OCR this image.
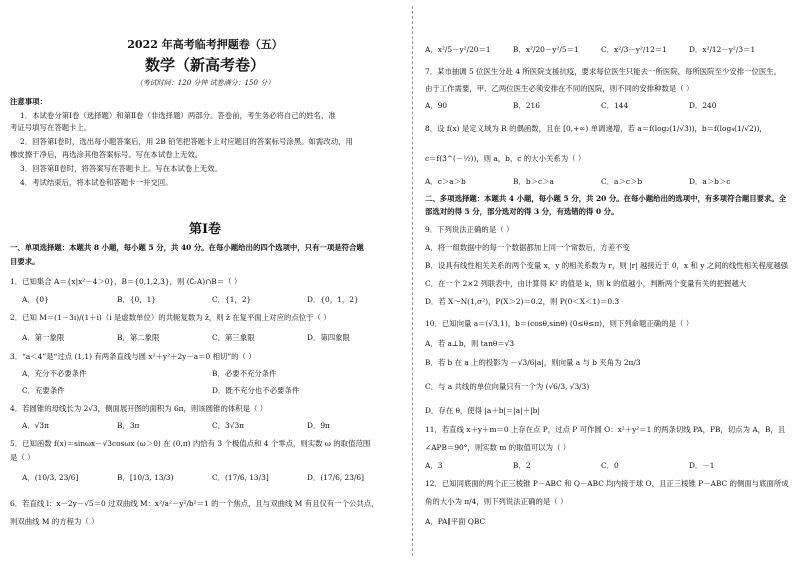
2022 年高考临考押题卷（五）
数学（新高考卷）
（考试时间：120 分钟 试卷满分：150 分）
注意事项：
1．本试卷分第Ⅰ卷（选择题）和第Ⅱ卷（非选择题）两部分。答卷前，考生务必将自己的姓名、准
考证号填写在答题卡上。
2．回答第Ⅰ卷时，选出每小题答案后，用 2B 铅笔把答题卡上对应题目的答案标号涂黑。如需改动，用
橡皮擦干净后，再选涂其他答案标号。写在本试卷上无效。
3．回答第Ⅱ卷时，将答案写在答题卡上。写在本试卷上无效。
4．考试结束后，将本试卷和答题卡一并交回。
第Ⅰ卷
一、单项选择题：本题共 8 小题，每小题 5 分，共 40 分。在每小题给出的四个选项中，只有一项是符合题
目要求。
1．已知集合 A＝{x|x²－4＞0}，B＝{0,1,2,3}，则 (∁ᵣA)∩B＝（ ）
A．{0}	B．{0，1}	C．{1，2}	D．{0，1，2}
2．已知 M＝(1－3i)/(1＋i)（i 是虚数单位）的共轭复数为 z̄，则 z̄ 在复平面上对应的点位于（ ）
A．第一象限	B．第二象限	C．第三象限	D．第四象限
3．“a＜4”是“过点 (1,1) 有两条直线与圆 x²＋y²＋2y－a＝0 相切”的（ ）
A．充分不必要条件	B．必要不充分条件
C．充要条件	D．既不充分也不必要条件
4．若圆锥的母线长为 2√3，侧面展开图的面积为 6π，则该圆锥的体积是（ ）
A．√3π	B．3π	C．3√3π	D．9π
5．已知函数 f(x)＝sinωx－√3cosωx (ω＞0) 在 (0,π) 内恰有 3 个极值点和 4 个零点，则实数 ω 的取值范围
是（ ）
A．(10/3, 23/6]	B．[10/3, 13/3)	C．(17/6, 13/3]	D．(17/6, 23/6]
6．若直线 l：x－2y－√5＝0 过双曲线 M：x²/a²－y²/b²＝1 的一个焦点，且与双曲线 M 有且仅有一个公共点，
则双曲线 M 的方程为（ ）
A．x²/5－y²/20＝1	B．x²/20－y²/5＝1	C．x²/3－y²/12＝1	D．x²/12－y²/3＝1
7．某市抽调 5 位医生分赴 4 所医院支援抗疫，要求每位医生只能去一所医院，每所医院至少安排一位医生。
由于工作需要，甲、乙两位医生必须安排在不同的医院，则不同的安排种数是（ ）
A．90	B．216	C．144	D．240
8．设 f(x) 是定义域为 R 的偶函数，且在 [0,+∞) 单调递增，若 a＝f(log₂(1/√3))，b＝f(log₄(1/√2))，
c＝f(3^(－½))，则 a，b，c 的大小关系为（ ）
A．c＞a＞b	B．b＞c＞a	C．a＞c＞b	D．a＞b＞c
二、多项选择题：本题共 4 小题，每小题 5 分，共 20 分。在每小题给出的选项中，有多项符合题目要求。全
部选对的得 5 分，部分选对的得 3 分，有选错的得 0 分。
9．下列说法正确的是（ ）
A．将一组数据中的每一个数据都加上同一个常数后，方差不变
B．设具有线性相关关系的两个变量 x，y 的相关系数为 r，则 |r| 越接近于 0，x 和 y 之间的线性相关程度越强
C．在一个 2×2 列联表中，由计算得 K² 的值是 k，则 k 的值越小，判断两个变量有关的把握越大
D．若 X～N(1,σ²)，P(X＞2)＝0.2，则 P(0＜X＜1)＝0.3
10．已知向量 a＝(√3,1)，b＝(cosθ,sinθ) (0≤θ≤π)，则下列命题正确的是（ ）
A．若 a⊥b，则 tanθ＝√3
B．若 b 在 a 上的投影为 －√3/6|a|，则向量 a 与 b 夹角为 2π/3
C．与 a 共线的单位向量只有一个为 (√6/3, √3/3)
D．存在 θ，使得 |a＋b|＝|a|＋|b|
11．若直线 x＋y＋m＝0 上存在点 P，过点 P 可作圆 O：x²＋y²＝1 的两条切线 PA，PB，切点为 A，B，且
∠APB＝90°，则实数 m 的取值可以为（ ）
A．3	B．2	C．0	D．－1
12．已知同底面的两个正三棱锥 P－ABC 和 Q－ABC 均内接于球 O，且正三棱锥 P－ABC 的侧面与底面所成
角的大小为 π/4，则下列说法正确的是（ ）
A．PA∥平面 QBC
